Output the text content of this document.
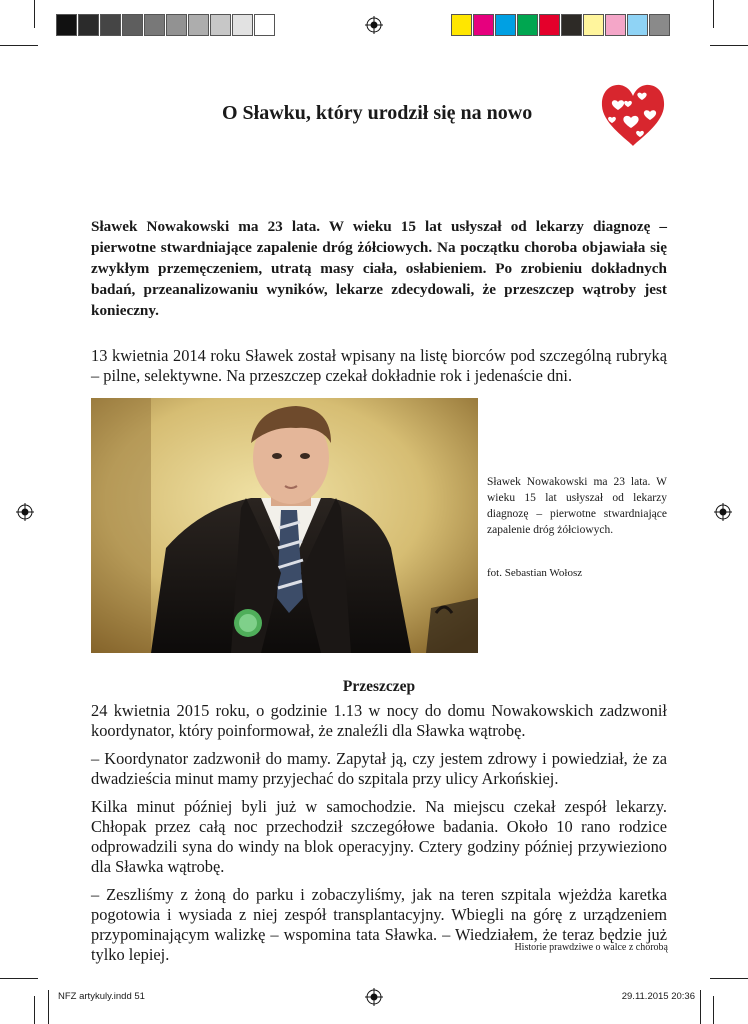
O Sławku, który urodził się na nowo
Sławek Nowakowski ma 23 lata. W wieku 15 lat usłyszał od lekarzy diagnozę – pierwotne stwardniające zapalenie dróg żółciowych. Na początku choroba objawiała się zwykłym przemęczeniem, utratą masy ciała, osłabieniem. Po zrobieniu dokładnych badań, przeanalizowaniu wyników, lekarze zdecydowali, że przeszczep wątroby jest konieczny.
13 kwietnia 2014 roku Sławek został wpisany na listę biorców pod szczególną rubryką – pilne, selektywne. Na przeszczep czekał dokładnie rok i jedenaście dni.
Sławek Nowakowski ma 23 lata. W wieku 15 lat usłyszał od lekarzy diagnozę – pierwotne stwardniające zapalenie dróg żółciowych.
fot. Sebastian Wołosz
Przeszczep

24 kwietnia 2015 roku, o godzinie 1.13 w nocy do domu Nowakowskich zadzwonił koordynator, który poinformował, że znaleźli dla Sławka wątrobę.

– Koordynator zadzwonił do mamy. Zapytał ją, czy jestem zdrowy i powiedział, że za dwadzieścia minut mamy przyjechać do szpitala przy ulicy Arkońskiej.

Kilka minut później byli już w samochodzie. Na miejscu czekał zespół lekarzy. Chłopak przez całą noc przechodził szczegółowe badania. Około 10 rano rodzice odprowadzili syna do windy na blok operacyjny. Cztery godziny później przywieziono dla Sławka wątrobę.

– Zeszliśmy z żoną do parku i zobaczyliśmy, jak na teren szpitala wjeżdża karetka pogotowia i wysiada z niej zespół transplantacyjny. Wbiegli na górę z urządzeniem przypominającym walizkę – wspomina tata Sławka. – Wiedziałem, że teraz będzie już tylko lepiej.	Historie prawdziwe o walce z chorobą
NFZ artykuly.indd 51	29.11.2015 20:36
